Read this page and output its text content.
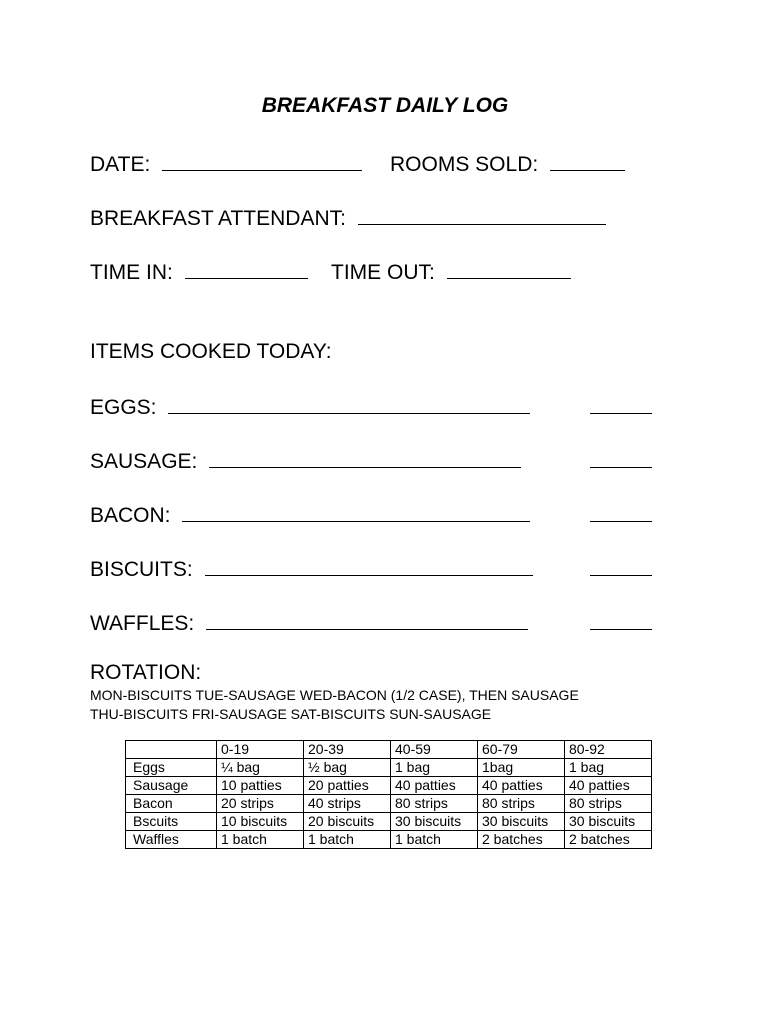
BREAKFAST DAILY LOG
DATE:	ROOMS SOLD:
BREAKFAST ATTENDANT:
TIME IN:	TIME OUT:
ITEMS COOKED TODAY:
EGGS:
SAUSAGE:
BACON:
BISCUITS:
WAFFLES:
ROTATION:
MON-BISCUITS TUE-SAUSAGE WED-BACON (1/2 CASE), THEN SAUSAGE
THU-BISCUITS FRI-SAUSAGE SAT-BISCUITS SUN-SAUSAGE
	0-19	20-39	40-59	60-79	80-92
Eggs	¼ bag	½ bag	1 bag	1bag	1 bag
Sausage	10 patties	20 patties	40 patties	40 patties	40 patties
Bacon	20 strips	40 strips	80 strips	80 strips	80 strips
Bscuits	10 biscuits	20 biscuits	30 biscuits	30 biscuits	30 biscuits
Waffles	1 batch	1 batch	1 batch	2 batches	2 batches
